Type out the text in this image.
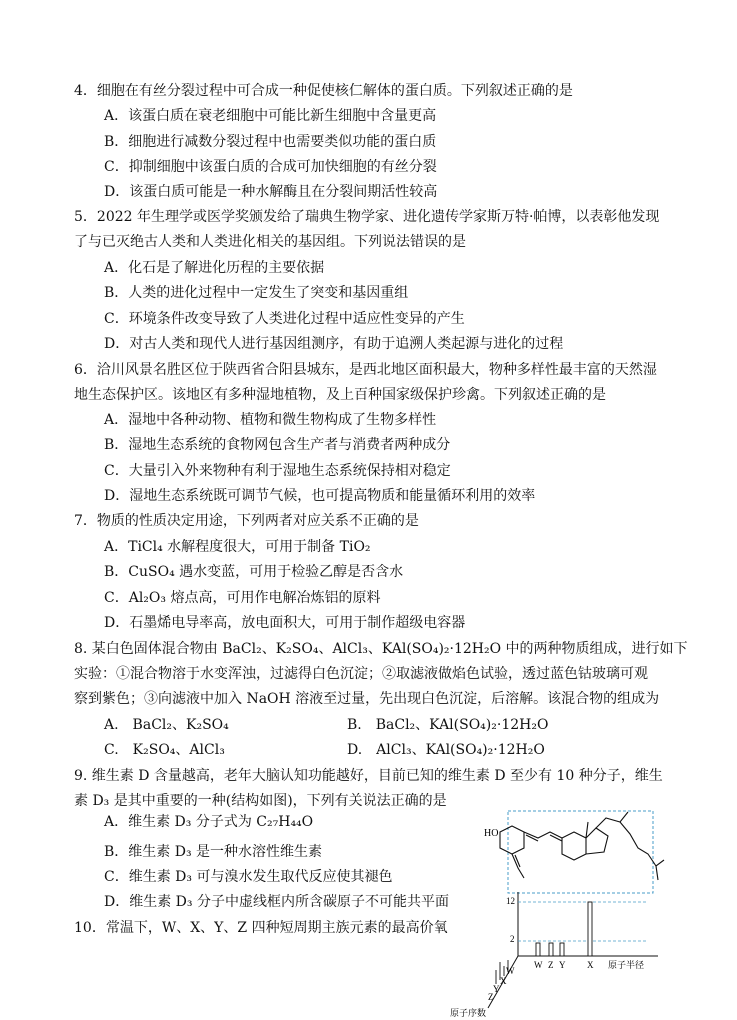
4．细胞在有丝分裂过程中可合成一种促使核仁解体的蛋白质。下列叙述正确的是
A．该蛋白质在衰老细胞中可能比新生细胞中含量更高
B．细胞进行减数分裂过程中也需要类似功能的蛋白质
C．抑制细胞中该蛋白质的合成可加快细胞的有丝分裂
D．该蛋白质可能是一种水解酶且在分裂间期活性较高
5．2022 年生理学或医学奖颁发给了瑞典生物学家、进化遗传学家斯万特·帕博，以表彰他发现
了与已灭绝古人类和人类进化相关的基因组。下列说法错误的是
A．化石是了解进化历程的主要依据
B．人类的进化过程中一定发生了突变和基因重组
C．环境条件改变导致了人类进化过程中适应性变异的产生
D．对古人类和现代人进行基因组测序，有助于追溯人类起源与进化的过程
6．洽川风景名胜区位于陕西省合阳县城东，是西北地区面积最大，物种多样性最丰富的天然湿
地生态保护区。该地区有多种湿地植物，及上百种国家级保护珍禽。下列叙述正确的是
A．湿地中各种动物、植物和微生物构成了生物多样性
B．湿地生态系统的食物网包含生产者与消费者两种成分
C．大量引入外来物种有利于湿地生态系统保持相对稳定
D．湿地生态系统既可调节气候，也可提高物质和能量循环利用的效率
7．物质的性质决定用途，下列两者对应关系不正确的是
A．TiCl₄ 水解程度很大，可用于制备 TiO₂
B．CuSO₄ 遇水变蓝，可用于检验乙醇是否含水
C．Al₂O₃ 熔点高，可用作电解冶炼铝的原料
D．石墨烯电导率高，放电面积大，可用于制作超级电容器
8. 某白色固体混合物由 BaCl₂、K₂SO₄、AlCl₃、KAl(SO₄)₂·12H₂O 中的两种物质组成，进行如下
实验：①混合物溶于水变浑浊，过滤得白色沉淀；②取滤液做焰色试验，透过蓝色钴玻璃可观
察到紫色；③向滤液中加入 NaOH 溶液至过量，先出现白色沉淀，后溶解。该混合物的组成为
A.　BaCl₂、K₂SO₄	B.　BaCl₂、KAl(SO₄)₂·12H₂O
C.　K₂SO₄、AlCl₃	D.　AlCl₃、KAl(SO₄)₂·12H₂O
9. 维生素 D 含量越高，老年大脑认知功能越好，目前已知的维生素 D 至少有 10 种分子，维生
素 D₃ 是其中重要的一种(结构如图)，下列有关说法正确的是
A．维生素 D₃ 分子式为 C₂₇H₄₄O
B．维生素 D₃ 是一种水溶性维生素
C．维生素 D₃ 可与溴水发生取代反应使其褪色
D．维生素 D₃ 分子中虚线框内所含碳原子不可能共平面
10．常温下，W、X、Y、Z 四种短周期主族元素的最高价氧
HO
12
2
W Z Y X 原子半径
Z
Y
X
W
原子序数
